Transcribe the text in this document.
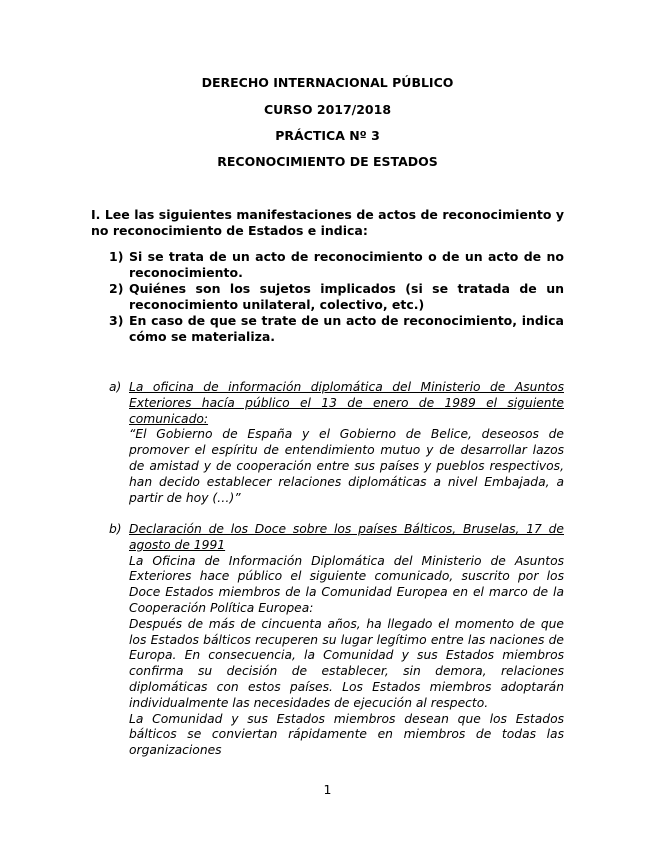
DERECHO INTERNACIONAL PÚBLICO
CURSO 2017/2018
PRÁCTICA Nº 3
RECONOCIMIENTO DE ESTADOS
I. Lee las siguientes manifestaciones de actos de reconocimiento y no reconocimiento de Estados e indica:
1) Si se trata de un acto de reconocimiento o de un acto de no reconocimiento.
2) Quiénes son los sujetos implicados (si se tratada de un reconocimiento unilateral, colectivo, etc.)
3) En caso de que se trate de un acto de reconocimiento, indica cómo se materializa.
a) La oficina de información diplomática del Ministerio de Asuntos Exteriores hacía público el 13 de enero de 1989 el siguiente comunicado:

“El Gobierno de España y el Gobierno de Belice, deseosos de promover el espíritu de entendimiento mutuo y de desarrollar lazos de amistad y de cooperación entre sus países y pueblos respectivos, han decido establecer relaciones diplomáticas a nivel Embajada, a partir de hoy (…)”

b) Declaración de los Doce sobre los países Bálticos, Bruselas, 17 de agosto de 1991

La Oficina de Información Diplomática del Ministerio de Asuntos Exteriores hace público el siguiente comunicado, suscrito por los Doce Estados miembros de la Comunidad Europea en el marco de la Cooperación Política Europea:

Después de más de cincuenta años, ha llegado el momento de que los Estados bálticos recuperen su lugar legítimo entre las naciones de Europa. En consecuencia, la Comunidad y sus Estados miembros confirma su decisión de establecer, sin demora, relaciones diplomáticas con estos países. Los Estados miembros adoptarán individualmente las necesidades de ejecución al respecto.

La Comunidad y sus Estados miembros desean que los Estados bálticos se conviertan rápidamente en miembros de todas las organizaciones

1
